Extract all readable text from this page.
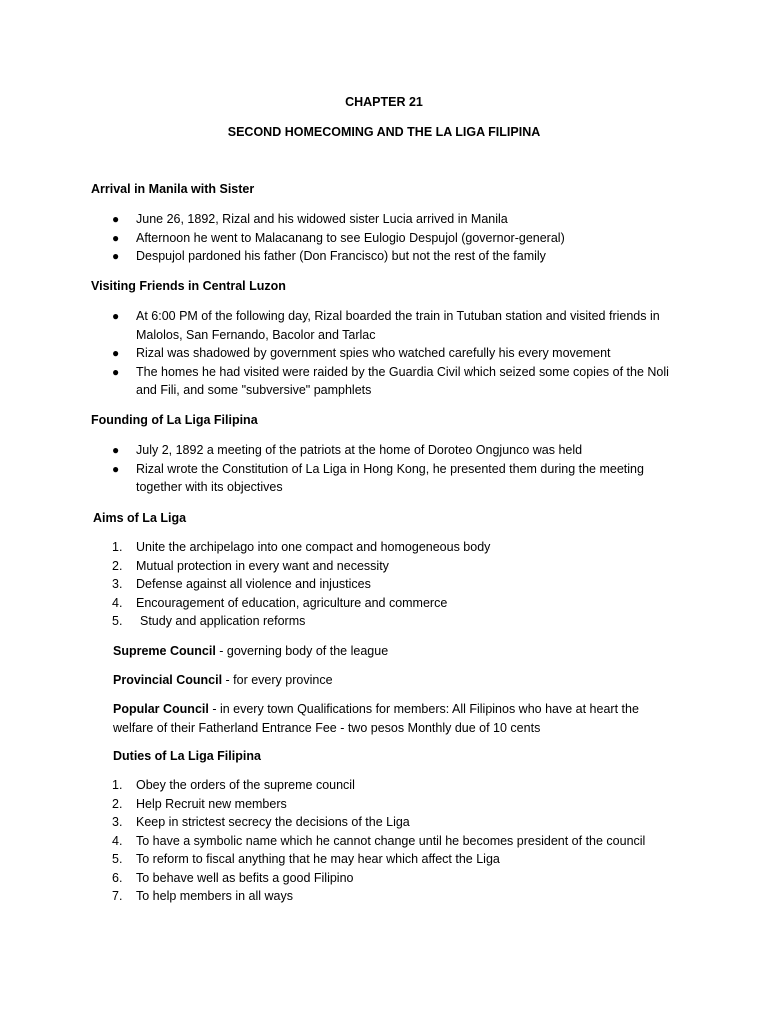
CHAPTER 21
SECOND HOMECOMING AND THE LA LIGA FILIPINA
Arrival in Manila with Sister
● June 26, 1892, Rizal and his widowed sister Lucia arrived in Manila
● Afternoon he went to Malacanang to see Eulogio Despujol (governor-general)
● Despujol pardoned his father (Don Francisco) but not the rest of the family
Visiting Friends in Central Luzon
● At 6:00 PM of the following day, Rizal boarded the train in Tutuban station and visited friends in Malolos, San Fernando, Bacolor and Tarlac
● Rizal was shadowed by government spies who watched carefully his every movement
● The homes he had visited were raided by the Guardia Civil which seized some copies of the Noli and Fili, and some "subversive" pamphlets
Founding of La Liga Filipina
● July 2, 1892 a meeting of the patriots at the home of Doroteo Ongjunco was held
● Rizal wrote the Constitution of La Liga in Hong Kong, he presented them during the meeting together with its objectives
Aims of La Liga
1. Unite the archipelago into one compact and homogeneous body
2. Mutual protection in every want and necessity
3. Defense against all violence and injustices
4. Encouragement of education, agriculture and commerce
5. Study and application reforms
Supreme Council - governing body of the league
Provincial Council - for every province
Popular Council - in every town Qualifications for members: All Filipinos who have at heart the welfare of their Fatherland Entrance Fee - two pesos Monthly due of 10 cents
Duties of La Liga Filipina
1. Obey the orders of the supreme council
2. Help Recruit new members
3. Keep in strictest secrecy the decisions of the Liga
4. To have a symbolic name which he cannot change until he becomes president of the council
5. To reform to fiscal anything that he may hear which affect the Liga
6. To behave well as befits a good Filipino
7. To help members in all ways
